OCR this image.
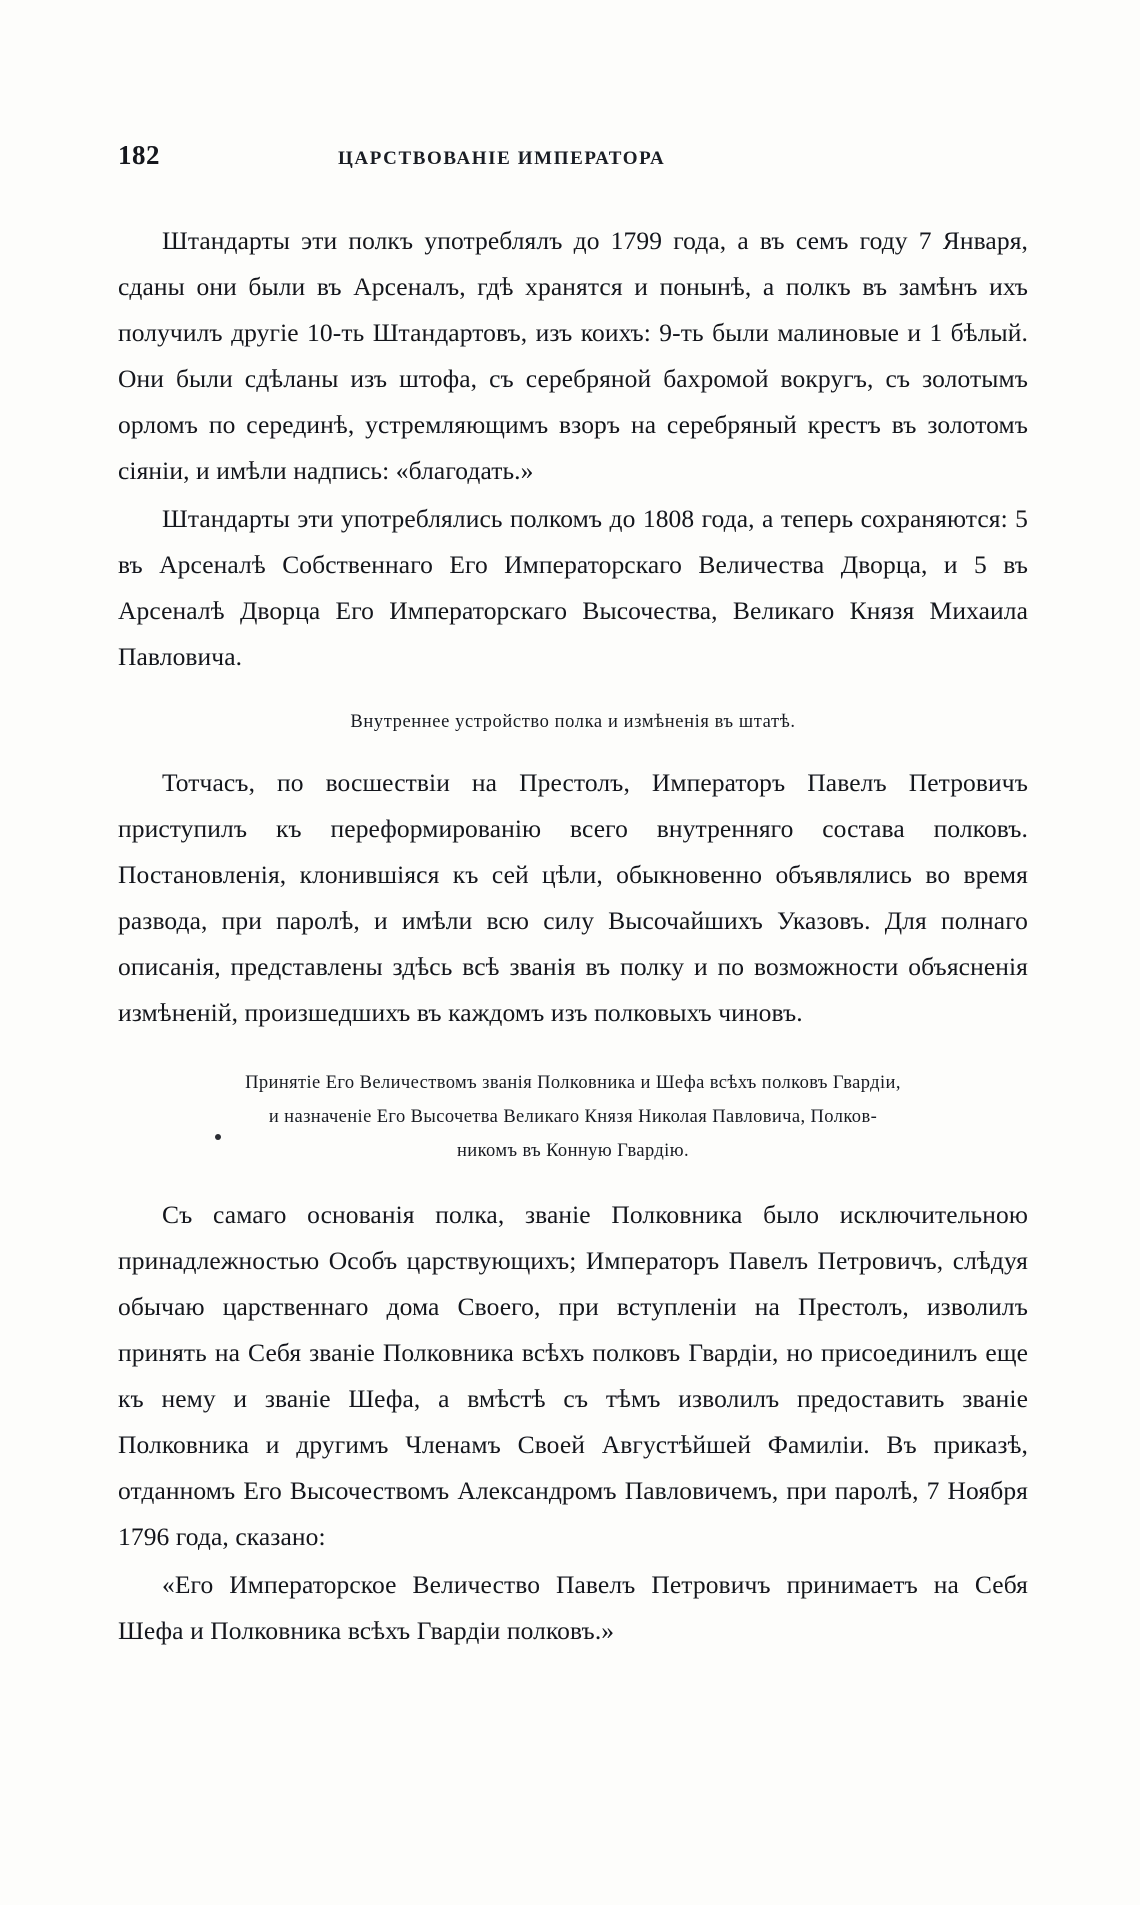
182	ЦАРСТВОВАНІЕ ИМПЕРАТОРА

Штандарты эти полкъ употреблялъ до 1799 года, а въ семъ году 7 Января, сданы они были въ Арсеналъ, гдѣ хранятся и понынѣ, а полкъ въ замѣнъ ихъ получилъ другіе 10-ть Штандартовъ, изъ коихъ: 9-ть были малиновые и 1 бѣлый. Они были сдѣланы изъ штофа, съ серебряной бахромой вокругъ, съ золотымъ орломъ по серединѣ, устремляющимъ взоръ на серебряный крестъ въ золотомъ сіяніи, и имѣли надпись: «благодать.»

Штандарты эти употреблялись полкомъ до 1808 года, а теперь сохраняются: 5 въ Арсеналѣ Собственнаго Его Императорскаго Величества Дворца, и 5 въ Арсеналѣ Дворца Его Императорскаго Высочества, Великаго Князя Михаила Павловича.

Внутреннее устройство полка и измѣненія въ штатѣ.

Тотчасъ, по восшествіи на Престолъ, Императоръ Павелъ Петровичъ приступилъ къ переформированію всего внутренняго состава полковъ. Постановленія, клонившіяся къ сей цѣли, обыкновенно объявлялись во время развода, при паролѣ, и имѣли всю силу Высочайшихъ Указовъ. Для полнаго описанія, представлены здѣсь всѣ званія въ полку и по возможности объясненія измѣненій, произшедшихъ въ каждомъ изъ полковыхъ чиновъ.

Принятіе Его Величествомъ званія Полковника и Шефа всѣхъ полковъ Гвардіи,
и назначеніе Его Высочетва Великаго Князя Николая Павловича, Полков-
никомъ въ Конную Гвардію.

Съ самаго основанія полка, званіе Полковника было исключительною принадлежностью Особъ царствующихъ; Императоръ Павелъ Петровичъ, слѣдуя обычаю царственнаго дома Своего, при вступленіи на Престолъ, изволилъ принять на Себя званіе Полковника всѣхъ полковъ Гвардіи, но присоединилъ еще къ нему и званіе Шефа, а вмѣстѣ съ тѣмъ изволилъ предоставить званіе Полковника и другимъ Членамъ Своей Августѣйшей Фамиліи. Въ приказѣ, отданномъ Его Высочествомъ Александромъ Павловичемъ, при паролѣ, 7 Ноября 1796 года, сказано:

«Его Императорское Величество Павелъ Петровичъ принимаетъ на Себя Шефа и Полковника всѣхъ Гвардіи полковъ.»
